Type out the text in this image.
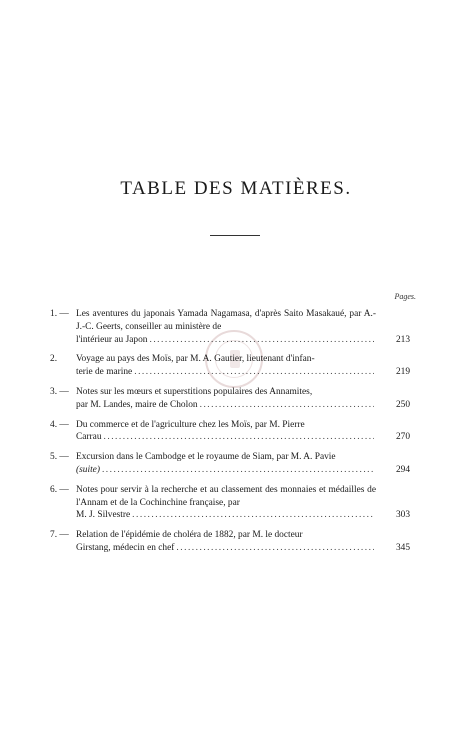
TABLE DES MATIÈRES.
Pages.
1. — Les aventures du japonais Yamada Nagamasa, d'après Saito Masakaué, par A.-J.-C. Geerts, conseiller au ministère de
l'intérieur au Japon .....	213
2.	Voyage au pays des Moïs, par M. A. Gautier, lieutenant d'infan-
terie de marine .....	219
3. — Notes sur les mœurs et superstitions populaires des Annamites,
par M. Landes, maire de Cholon .....	250
4. — Du commerce et de l'agriculture chez les Moïs, par M. Pierre
Carrau .....	270
5. — Excursion dans le Cambodge et le royaume de Siam, par M. A. Pavie
(suite) .....	294
6. — Notes pour servir à la recherche et au classement des monnaies et médailles de l'Annam et de la Cochinchine française, par
M. J. Silvestre .....	303
7. — Relation de l'épidémie de choléra de 1882, par M. le docteur
Girstang, médecin en chef .....	345
